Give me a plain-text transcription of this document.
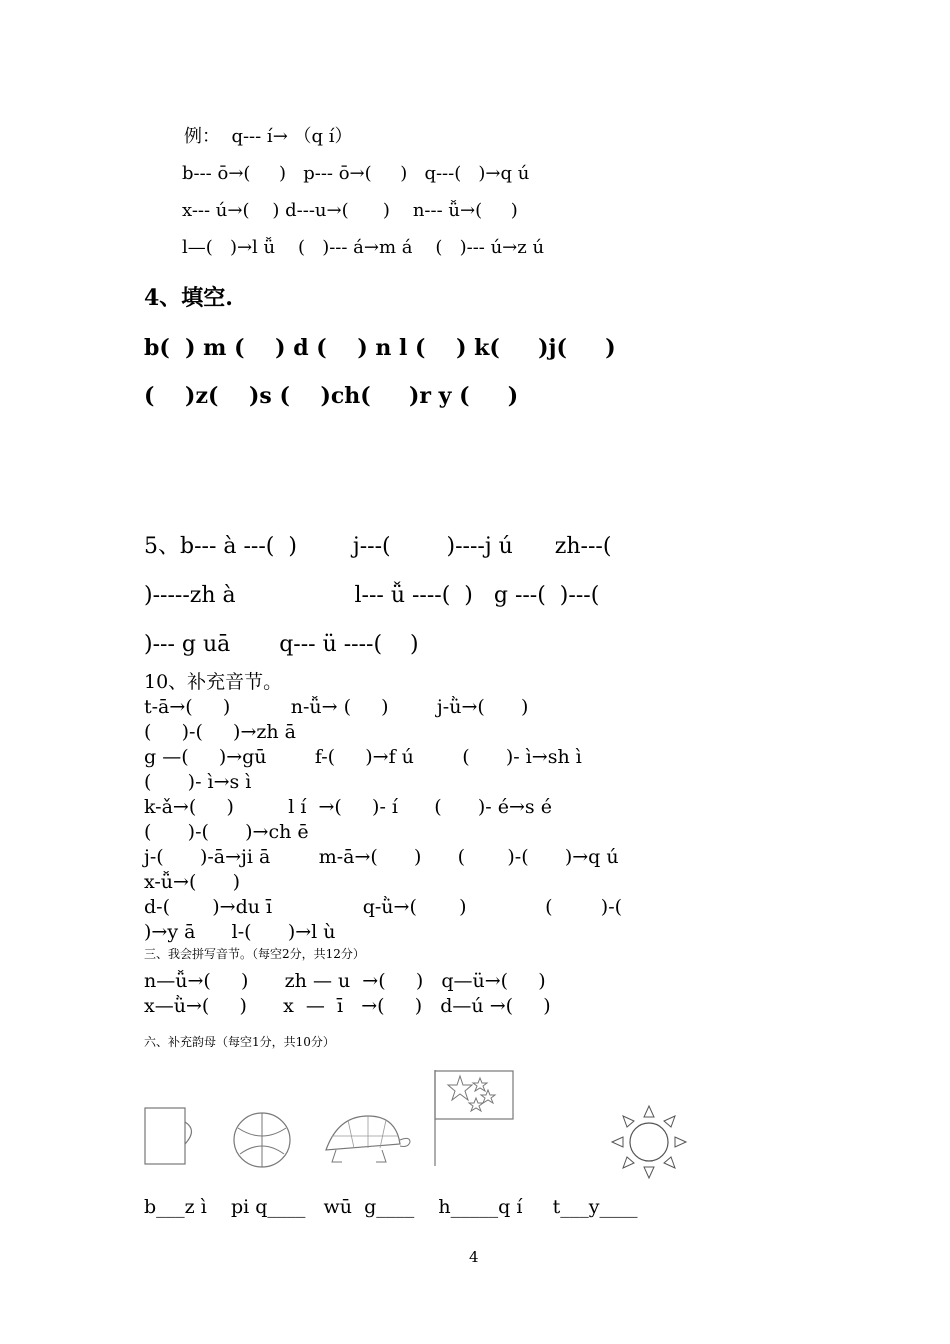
例：  q--- í→ （q í）
b--- ō→(     )   p--- ō→(     )   q---(   )→q ú
x--- ú→(    ) d---u→(      )    n--- ǚ→(     )
l—(   )→l ǚ    (   )--- á→m á    (   )--- ú→z ú
4、填空.
b(  ) m (    ) d (    ) n l (    ) k(     )j(     )
(    )z(    )s (    )ch(     )r y (     )
5、b--- à ---(  )        j---(        )----j ú      zh---(
)-----zh à                 l--- ǚ ----(  )   g ---(  )---(
)--- g uā       q--- ü ----(    )
10、补充音节。
t-ā→(     )          n-ǚ→ (     )        j-ǜ→(      )
(     )-(     )→zh ā
g —(     )→gū        f-(     )→f ú        (      )- ì→sh ì
(      )- ì→s ì
k-ǎ→(     )         l í  →(     )- í      (      )- é→s é
(      )-(      )→ch ē
j-(      )-ā→ji ā        m-ā→(      )      (       )-(      )→q ú
x-ǚ→(      )
d-(       )→du ī               q-ǜ→(       )             (        )-(
)→y ā      l-(      )→l ù
三、我会拼写音节。（每空2分，共12分）
n—ǚ→(     )      zh — u  →(     )   q—ü→(     )
x—ǜ→(     )      x  —  ī   →(     )   d—ú →(     )
六、补充韵母（每空1分，共10分）
b___z ì    pi q____   wū  g____    h_____q í     t___y____
4
